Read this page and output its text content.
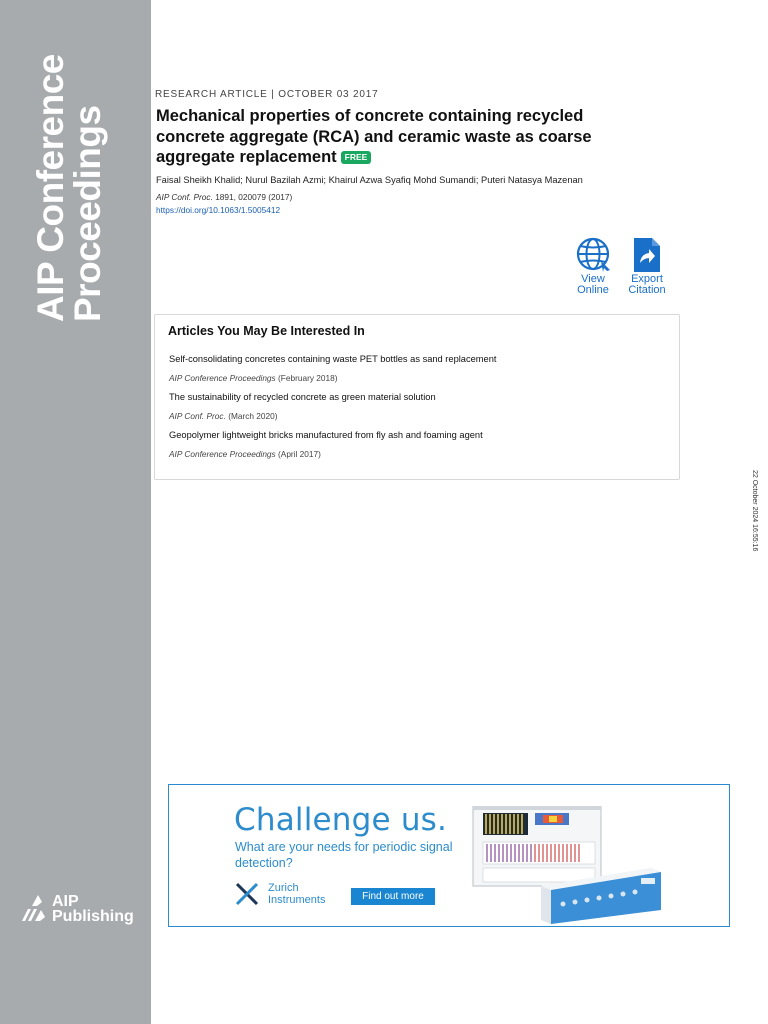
AIP Conference
Proceedings
AIP
Publishing
RESEARCH ARTICLE | OCTOBER 03 2017
Mechanical properties of concrete containing recycled concrete aggregate (RCA) and ceramic waste as coarse aggregate replacement FREE
Faisal Sheikh Khalid; Nurul Bazilah Azmi; Khairul Azwa Syafiq Mohd Sumandi; Puteri Natasya Mazenan
AIP Conf. Proc. 1891, 020079 (2017)
https://doi.org/10.1063/1.5005412
View
Online
Export
Citation
Articles You May Be Interested In
Self-consolidating concretes containing waste PET bottles as sand replacement
AIP Conference Proceedings (February 2018)
The sustainability of recycled concrete as green material solution
AIP Conf. Proc. (March 2020)
Geopolymer lightweight bricks manufactured from fly ash and foaming agent
AIP Conference Proceedings (April 2017)
22 October 2024 16:55:16
Challenge us.
What are your needs for periodic signal detection?
Zurich
Instruments	Find out more
